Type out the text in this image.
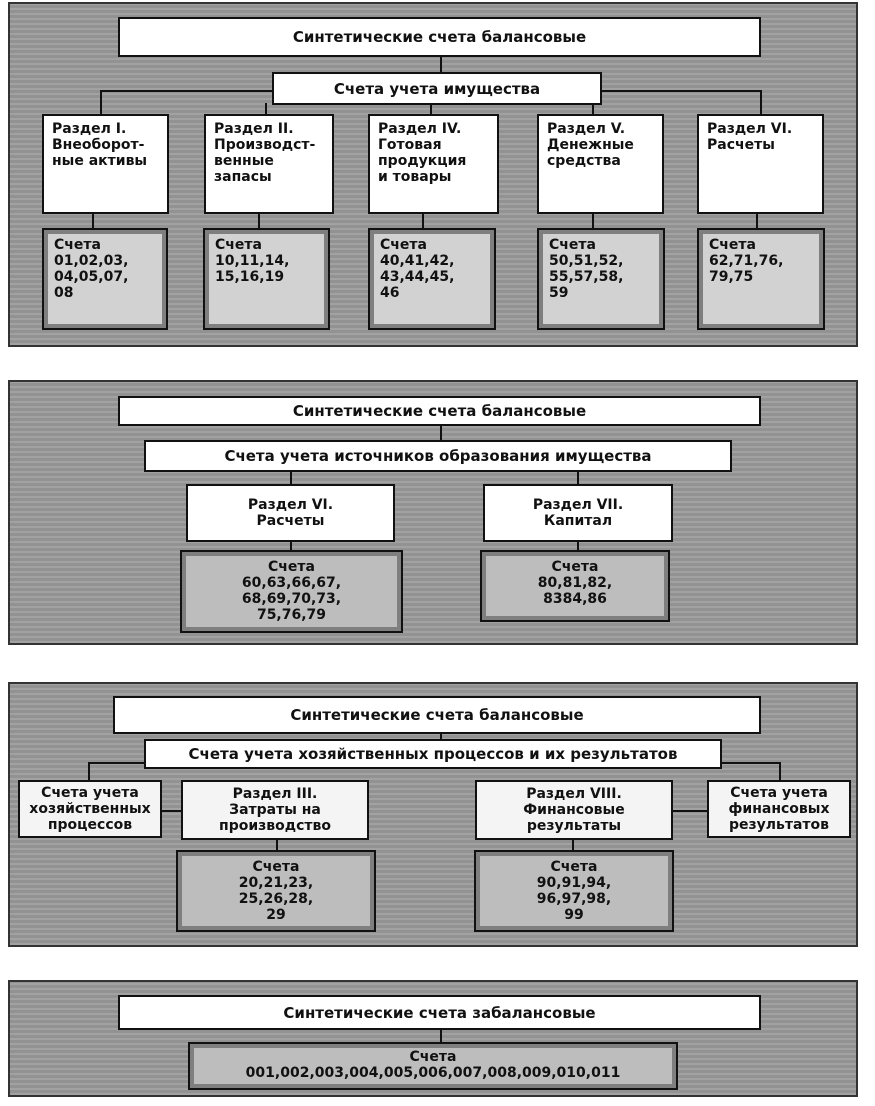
Синтетические счета балансовые
Счета учета имущества
Раздел I.
Внеоборот-
ные активы
Раздел II.
Производст-
венные
запасы
Раздел IV.
Готовая
продукция
и товары
Раздел V.
Денежные
средства
Раздел VI.
Расчеты
Счета
01,02,03,
04,05,07,
08
Счета
10,11,14,
15,16,19
Счета
40,41,42,
43,44,45,
46
Счета
50,51,52,
55,57,58,
59
Счета
62,71,76,
79,75
Синтетические счета балансовые
Счета учета источников образования имущества
Раздел VI.
Расчеты
Раздел VII.
Капитал
Счета
60,63,66,67,
68,69,70,73,
75,76,79
Счета
80,81,82,
8384,86
Синтетические счета балансовые
Счета учета хозяйственных процессов и их результатов
Счета учета
хозяйственных
процессов
Раздел III.
Затраты на
производство
Раздел VIII.
Финансовые
результаты
Счета учета
финансовых
результатов
Счета
20,21,23,
25,26,28,
29
Счета
90,91,94,
96,97,98,
99
Синтетические счета забалансовые
Счета
001,002,003,004,005,006,007,008,009,010,011
